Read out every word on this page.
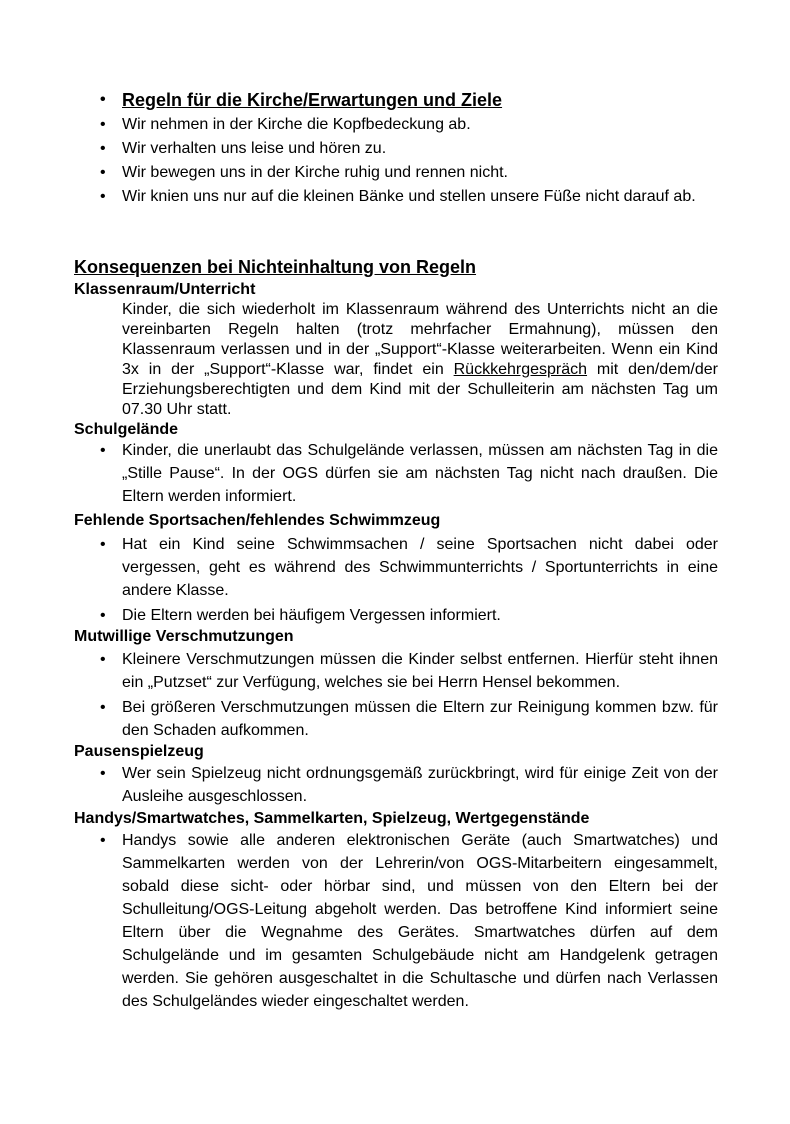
• Regeln für die Kirche/Erwartungen und Ziele
• Wir nehmen in der Kirche die Kopfbedeckung ab.
• Wir verhalten uns leise und hören zu.
• Wir bewegen uns in der Kirche ruhig und rennen nicht.
• Wir knien uns nur auf die kleinen Bänke und stellen unsere Füße nicht darauf ab.
Konsequenzen bei Nichteinhaltung von Regeln
Klassenraum/Unterricht
Kinder, die sich wiederholt im Klassenraum während des Unterrichts nicht an die vereinbarten Regeln halten (trotz mehrfacher Ermahnung), müssen den Klassenraum verlassen und in der „Support“-Klasse weiterarbeiten. Wenn ein Kind 3x in der „Support“-Klasse war, findet ein Rückkehrgespräch mit den/dem/der Erziehungsberechtigten und dem Kind mit der Schulleiterin am nächsten Tag um 07.30 Uhr statt.
Schulgelände
• Kinder, die unerlaubt das Schulgelände verlassen, müssen am nächsten Tag in die „Stille Pause“. In der OGS dürfen sie am nächsten Tag nicht nach draußen. Die Eltern werden informiert.
Fehlende Sportsachen/fehlendes Schwimmzeug
• Hat ein Kind seine Schwimmsachen / seine Sportsachen nicht dabei oder vergessen, geht es während des Schwimmunterrichts / Sportunterrichts in eine andere Klasse.
• Die Eltern werden bei häufigem Vergessen informiert.
Mutwillige Verschmutzungen
• Kleinere Verschmutzungen müssen die Kinder selbst entfernen. Hierfür steht ihnen ein „Putzset“ zur Verfügung, welches sie bei Herrn Hensel bekommen.
• Bei größeren Verschmutzungen müssen die Eltern zur Reinigung kommen bzw. für den Schaden aufkommen.
Pausenspielzeug
• Wer sein Spielzeug nicht ordnungsgemäß zurückbringt, wird für einige Zeit von der Ausleihe ausgeschlossen.
Handys/Smartwatches, Sammelkarten, Spielzeug, Wertgegenstände
• Handys sowie alle anderen elektronischen Geräte (auch Smartwatches) und Sammelkarten werden von der Lehrerin/von OGS-Mitarbeitern eingesammelt, sobald diese sicht- oder hörbar sind, und müssen von den Eltern bei der Schulleitung/OGS-Leitung abgeholt werden. Das betroffene Kind informiert seine Eltern über die Wegnahme des Gerätes. Smartwatches dürfen auf dem Schulgelände und im gesamten Schulgebäude nicht am Handgelenk getragen werden. Sie gehören ausgeschaltet in die Schultasche und dürfen nach Verlassen des Schulgeländes wieder eingeschaltet werden.
